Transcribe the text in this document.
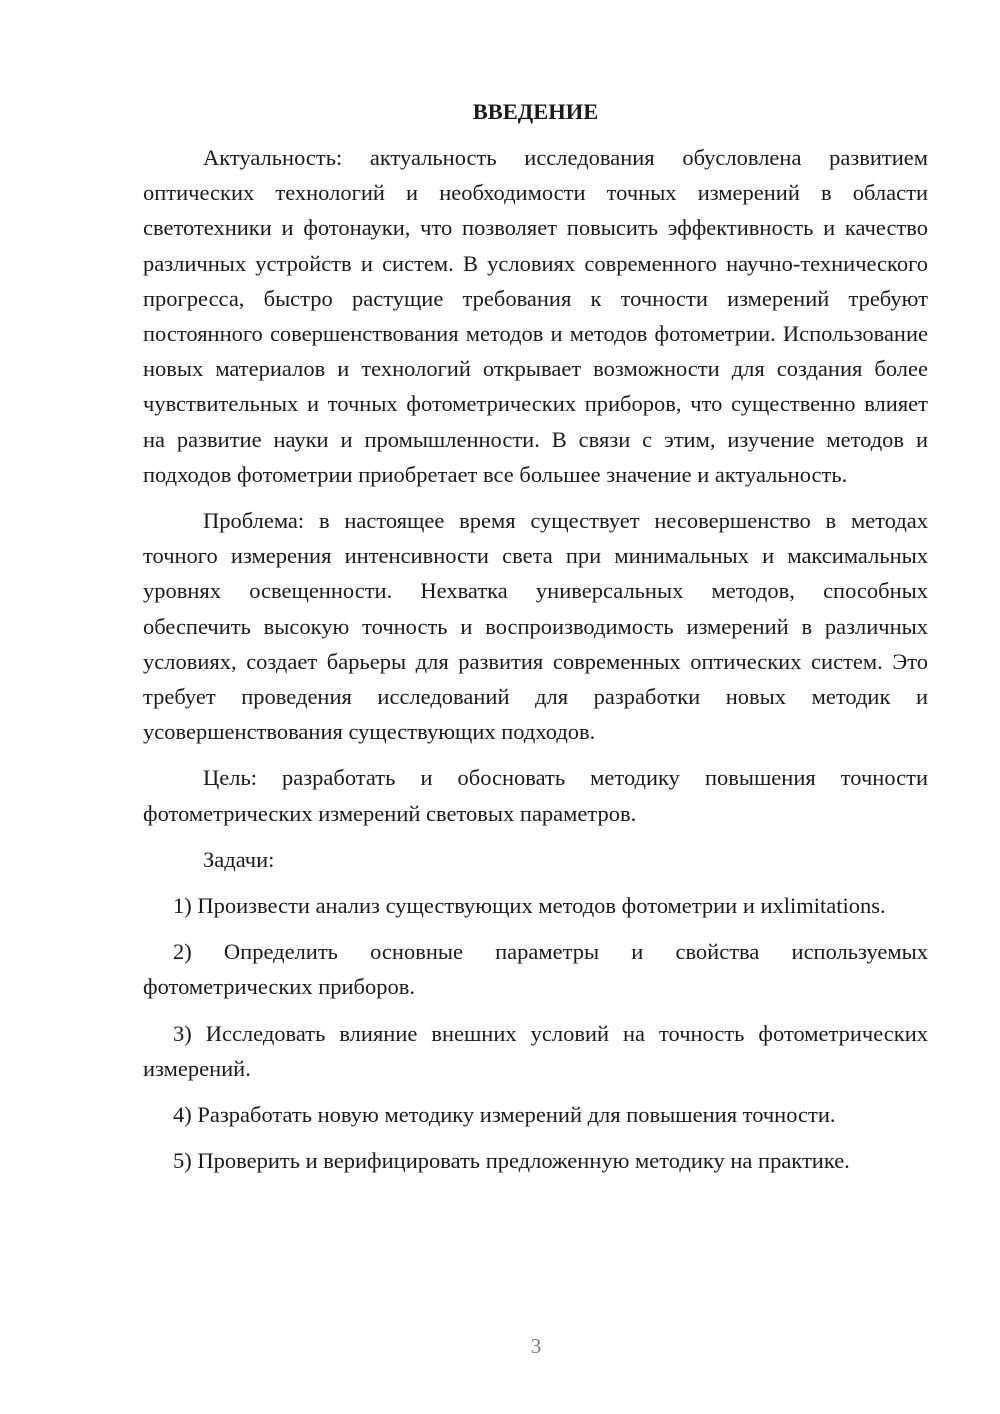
ВВЕДЕНИЕ

Актуальность: актуальность исследования обусловлена развитием оптических технологий и необходимости точных измерений в области светотехники и фотонауки, что позволяет повысить эффективность и качество различных устройств и систем. В условиях современного научно-технического прогресса, быстро растущие требования к точности измерений требуют постоянного совершенствования методов и методов фотометрии. Использование новых материалов и технологий открывает возможности для создания более чувствительных и точных фотометрических приборов, что существенно влияет на развитие науки и промышленности. В связи с этим, изучение методов и подходов фотометрии приобретает все большее значение и актуальность.

Проблема: в настоящее время существует несовершенство в методах точного измерения интенсивности света при минимальных и максимальных уровнях освещенности. Нехватка универсальных методов, способных обеспечить высокую точность и воспроизводимость измерений в различных условиях, создает барьеры для развития современных оптических систем. Это требует проведения исследований для разработки новых методик и усовершенствования существующих подходов.

Цель: разработать и обосновать методику повышения точности фотометрических измерений световых параметров.

Задачи:

1) Произвести анализ существующих методов фотометрии и ихlimitations.

2) Определить основные параметры и свойства используемых фотометрических приборов.

3) Исследовать влияние внешних условий на точность фотометрических измерений.

4) Разработать новую методику измерений для повышения точности.

5) Проверить и верифицировать предложенную методику на практике.

3
